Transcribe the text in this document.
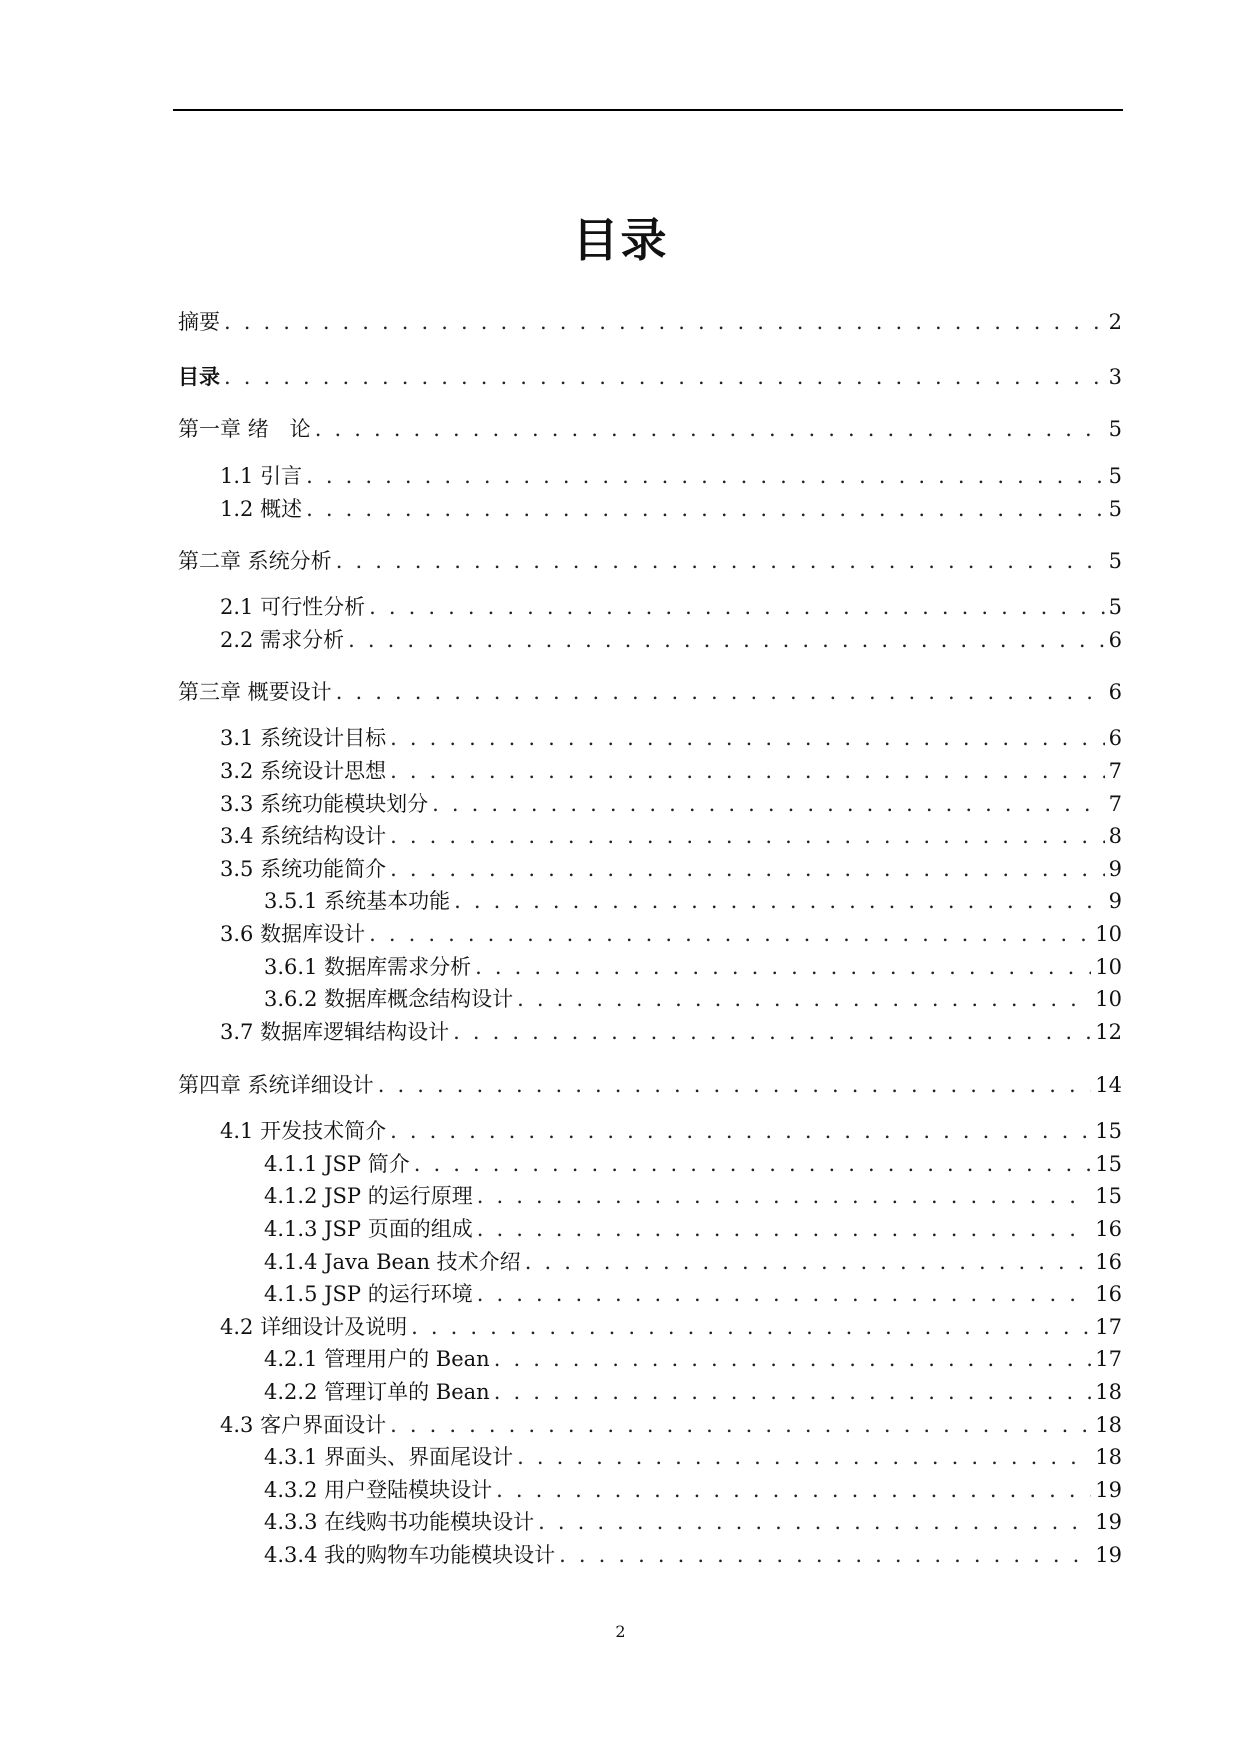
目录
摘要 . . .	2
目录 . . .	3
第一章 绪　论 . . .	5
1.1 引言 . . .	5
1.2 概述 . . .	5
第二章 系统分析 . . .	5
2.1 可行性分析 . . .	5
2.2 需求分析 . . .	6
第三章 概要设计 . . .	6
3.1 系统设计目标 . . .	6
3.2 系统设计思想 . . .	7
3.3 系统功能模块划分 . . .	7
3.4 系统结构设计 . . .	8
3.5 系统功能简介 . . .	9
3.5.1 系统基本功能 . . .	9
3.6 数据库设计 . . .	10
3.6.1 数据库需求分析 . . .	10
3.6.2 数据库概念结构设计 . . .	10
3.7 数据库逻辑结构设计 . . .	12
第四章 系统详细设计 . . .	14
4.1 开发技术简介 . . .	15
4.1.1 JSP 简介 . . .	15
4.1.2 JSP 的运行原理 . . .	15
4.1.3 JSP 页面的组成 . . .	16
4.1.4 Java Bean 技术介绍 . . .	16
4.1.5 JSP 的运行环境 . . .	16
4.2 详细设计及说明 . . .	17
4.2.1 管理用户的 Bean . . .	17
4.2.2 管理订单的 Bean . . .	18
4.3 客户界面设计 . . .	18
4.3.1 界面头、界面尾设计 . . .	18
4.3.2 用户登陆模块设计 . . .	19
4.3.3 在线购书功能模块设计 . . .	19
4.3.4 我的购物车功能模块设计 . . .	19
2
